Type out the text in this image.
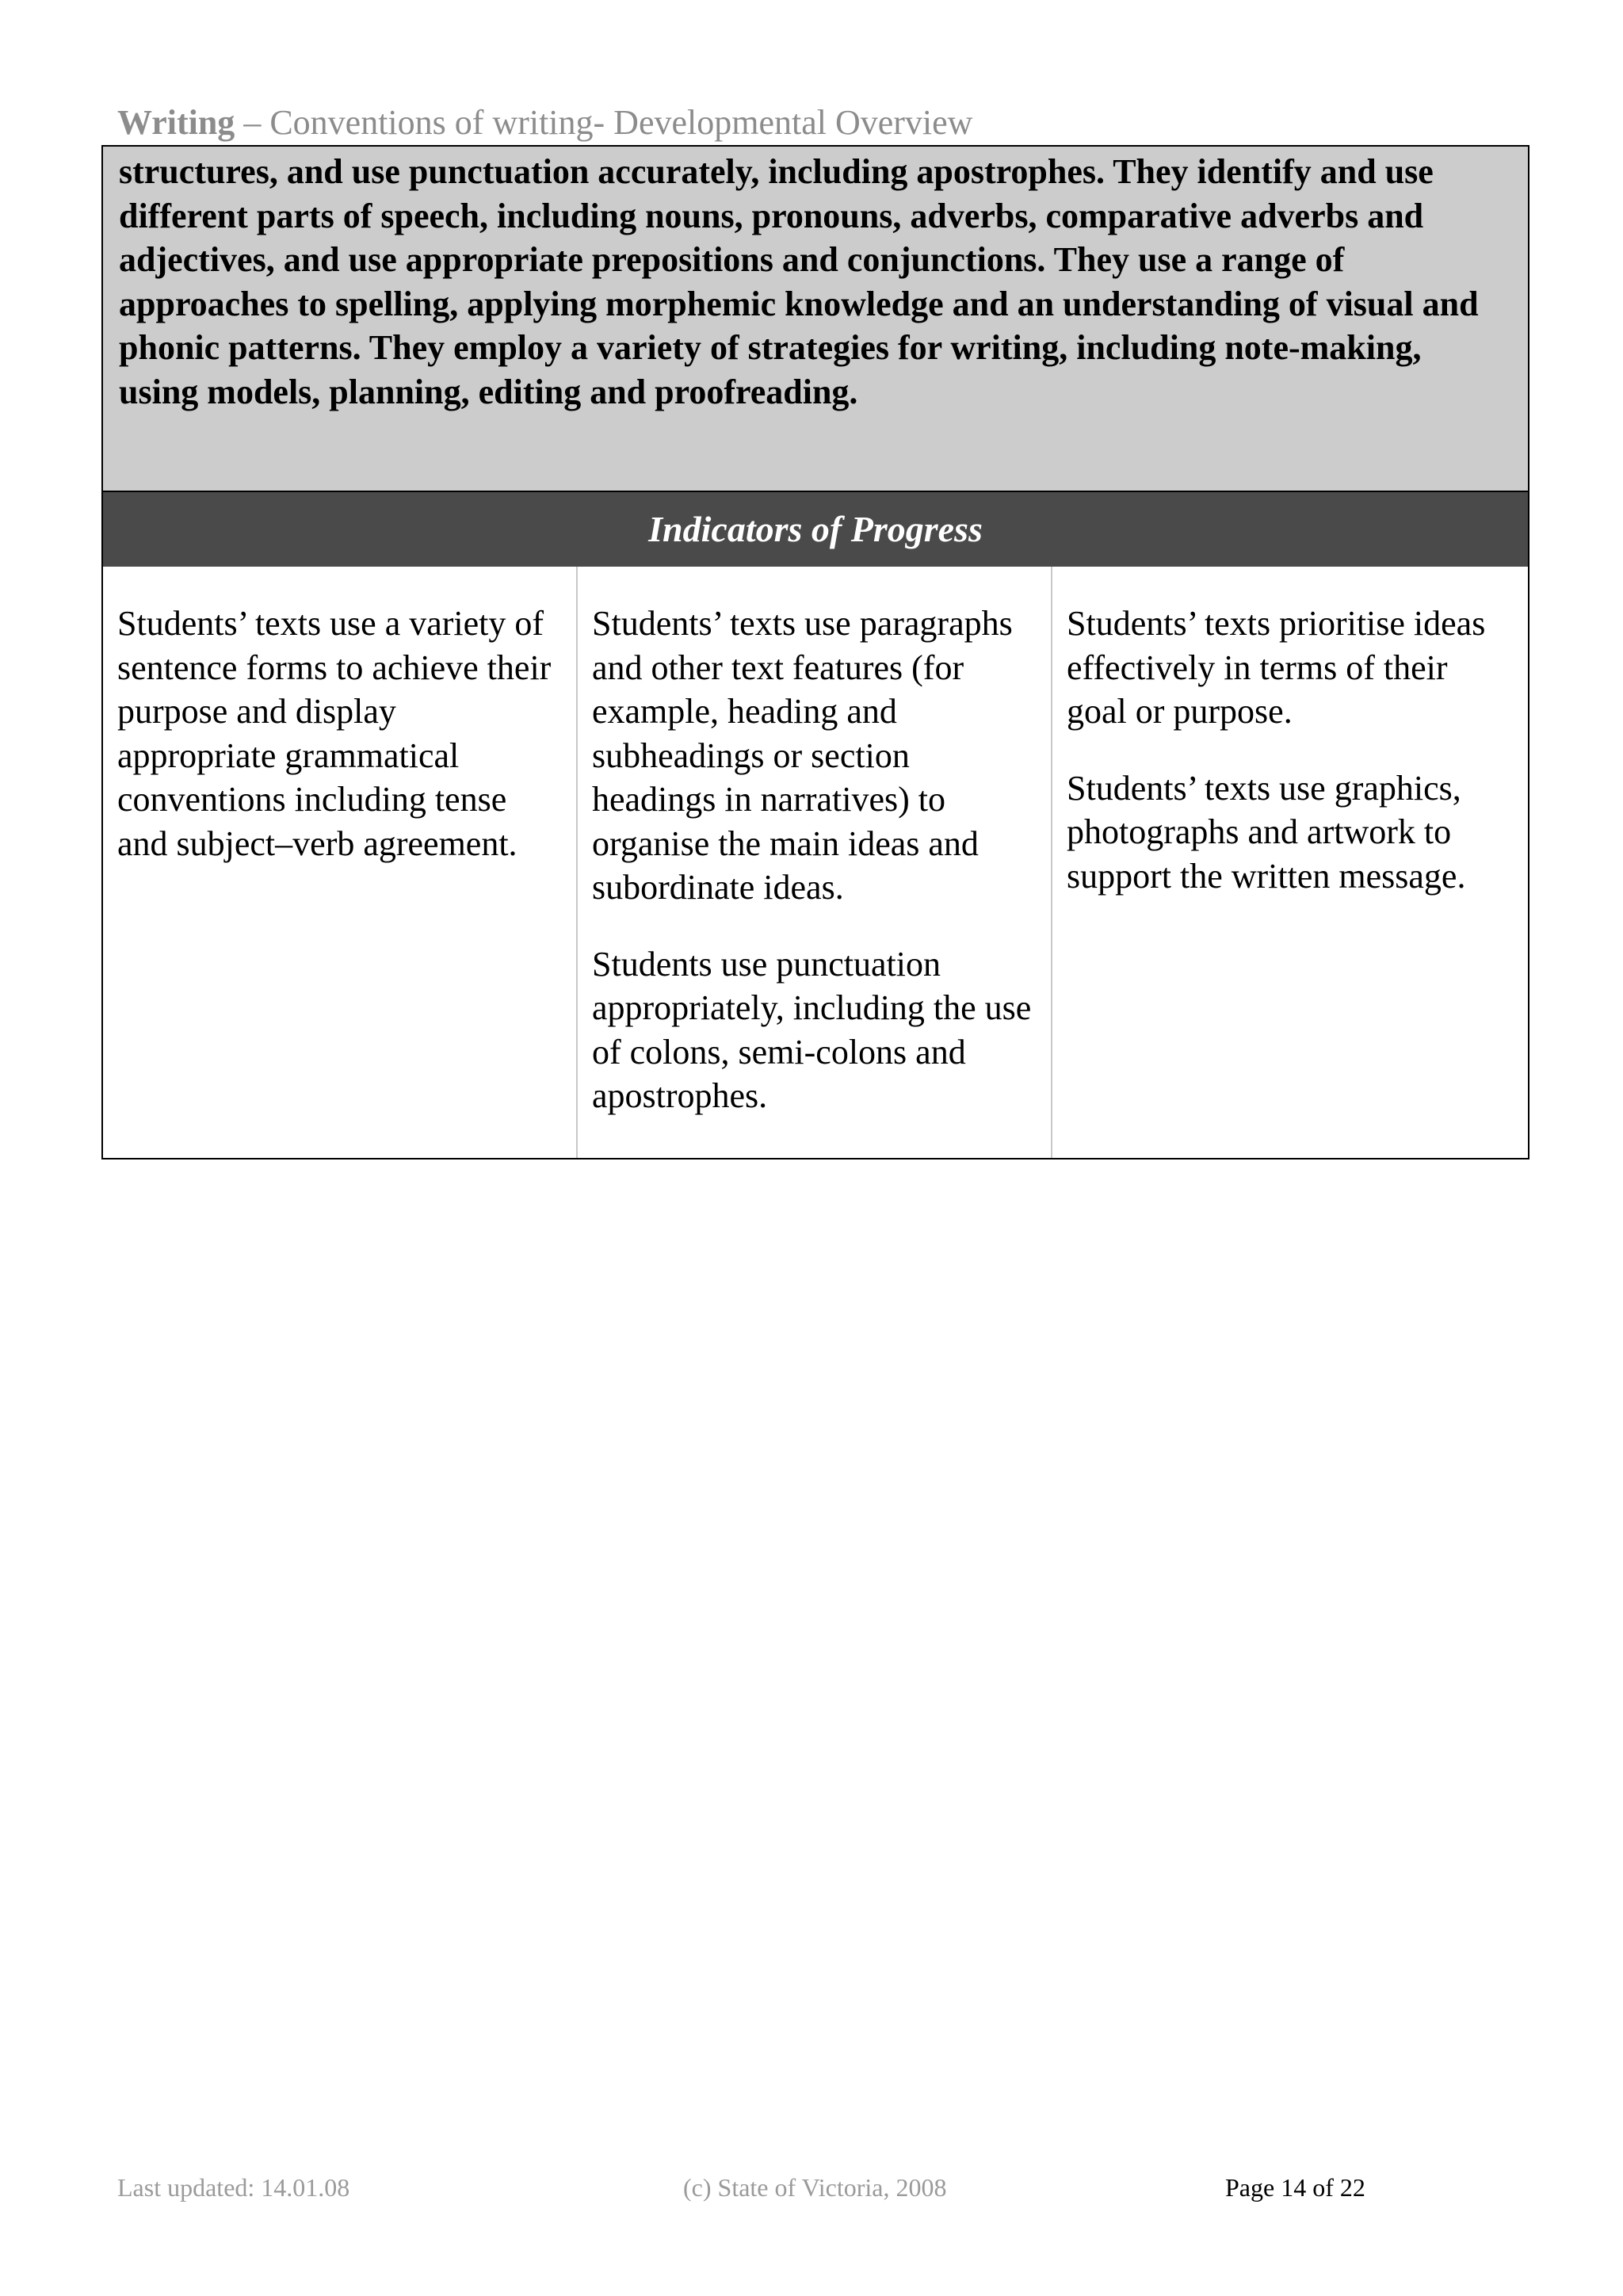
Writing – Conventions of writing- Developmental Overview

structures, and use punctuation accurately, including apostrophes. They identify and use different parts of speech, including nouns, pronouns, adverbs, comparative adverbs and adjectives, and use appropriate prepositions and conjunctions. They use a range of approaches to spelling, applying morphemic knowledge and an understanding of visual and phonic patterns. They employ a variety of strategies for writing, including note-making, using models, planning, editing and proofreading.

Indicators of Progress

Students’ texts use a variety of sentence forms to achieve their purpose and display appropriate grammatical conventions including tense and subject–verb agreement.

Students’ texts use paragraphs and other text features (for example, heading and subheadings or section headings in narratives) to organise the main ideas and subordinate ideas.

Students use punctuation appropriately, including the use of colons, semi-colons and apostrophes.

Students’ texts prioritise ideas effectively in terms of their goal or purpose.

Students’ texts use graphics, photographs and artwork to support the written message.

Last updated: 14.01.08	(c) State of Victoria, 2008	Page 14 of 22
